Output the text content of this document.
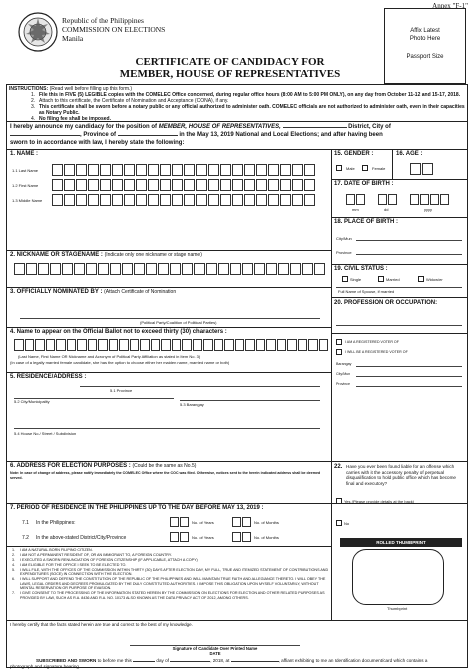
Annex "F-1"
Republic of the Philippines
COMMISSION ON ELECTIONS
Manila
CERTIFICATE OF CANDIDACY FOR
MEMBER, HOUSE OF REPRESENTATIVES
Affix Latest
Photo Here
Passport Size
INSTRUCTIONS: (Read well before filling up this form.)
1. File this in FIVE (5) LEGIBLE copies with the COMELEC Office concerned, during regular office hours (8:00 AM to 5:00 PM ONLY), on any day from October 11-12 and 15-17, 2018.
2. Attach to this certificate, the Certificate of Nomination and Acceptance (CONA), if any.
3. This certificate shall be sworn before a notary public or any official authorized to administer oath. COMELEC officials are not authorized to administer oath, even in their capacities as Notary Public.
4. No filing fee shall be imposed.
I hereby announce my candidacy for the position of MEMBER, HOUSE OF REPRESENTATIVES,	District, City of
, Province of	in the May 13, 2019 National and Local Elections; and after having been
sworn to in accordance with law, I hereby state the following:
1. NAME :
1.1 Last Name
1.2 First Name
1.3 Middle Name
2. NICKNAME OR STAGENAME : (Indicate only one nickname or stage name)
3. OFFICIALLY NOMINATED BY : (Attach Certificate of Nomination
(Political Party/Coalition of Political Parties)
4. Name to appear on the Official Ballot not to exceed thirty (30) characters :
(Last Name, First Name OR Nickname and Acronym of Political Party Affiliation as stated in Item No. 3)
(In case of a legally married female candidate, she has the option to choose either her maiden name, married name or both)
5. RESIDENCE/ADDRESS :
5.1 Province
5.2 City/Municipality
5.3 Barangay
5.4 House No./ Street / Subdivision
6. ADDRESS FOR ELECTION PURPOSES : (Could be the same as No.5)
Note: In case of change of address, please notify immediately the COMELEC Office where the COC was filed. Otherwise, notices sent to the herein indicated address shall be deemed served.
15. GENDER :
Male	Female
16. AGE :
17. DATE OF BIRTH :
mm	dd	yyyy
18. PLACE OF BIRTH :
City/Mun
Province
19. CIVIL STATUS :
Single	Married	Widow/er
Full Name of Spouse, if married
20. PROFESSION OR OCCUPATION:
I AM A REGISTERED VOTER OF
I WILL BE A REGISTERED VOTER OF
Barangay
City/Mun
Province
22. Have you ever been found liable for an offense which carries with it the accessory penalty of perpetual disqualification to hold public office which has become final and executory?
Yes (Please provide details at the back)
No
7. PERIOD OF RESIDENCE IN THE PHILIPPINES UP TO THE DAY BEFORE MAY 13, 2019 :
7.1 In the Philippines:	No. of Years	No. of Months
7.2 In the above-stated District/City/Province	No. of Years	No. of Months
ROLLED THUMBPRINT
Thumbprint
1.	I AM A NATURAL BORN FILIPINO CITIZEN.
2.	I AM NOT A PERMANENT RESIDENT OF, OR AN IMMIGRANT TO, A FOREIGN COUNTRY.
3.	I EXECUTED A SWORN RENUNCIATION OF FOREIGN CITIZENSHIP (IF APPLICABLE, ATTACH A COPY)
4.	I AM ELIGIBLE FOR THE OFFICE I SEEK TO BE ELECTED TO.
5.	I WILL FILE, WITH THE OFFICES OF THE COMMISSION WITHIN THIRTY (30) DAYS AFTER ELECTION DAY, MY FULL, TRUE AND ITEMIZED STATEMENT OF CONTRIBUTIONS AND EXPENDITURES (SOCE) IN CONNECTION WITH THE ELECTION.
6.	I WILL SUPPORT AND DEFEND THE CONSTITUTION OF THE REPUBLIC OF THE PHILIPPINES AND WILL MAINTAIN TRUE FAITH AND ALLEGIANCE THERETO. I WILL OBEY THE LAWS, LEGAL ORDERS AND DECREES PROMULGATED BY THE DULY CONSTITUTED AUTHORITIES. I IMPOSE THIS OBLIGATION UPON MYSELF VOLUNTARILY, WITHOUT MENTAL RESERVATION OR PURPOSE OF EVASION.
7.	I GIVE CONSENT TO THE PROCESSING OF THE INFORMATION STATED HEREIN BY THE COMMISSION ON ELECTIONS FOR ELECTION AND OTHER RELATED PURPOSES AS PROVIDED BY LAW, SUCH AS R.A. 8436 AND R.A. NO. 10173 ALSO KNOWN AS THE DATA PRIVACY ACT OF 2012, AMONG OTHERS.
I hereby certify that the facts stated herein are true and correct to the best of my knowledge.
Signature of Candidate Over Printed Name
DATE
SUBSCRIBED AND SWORN to before me this	day of	, 2018, at	, affiant exhibiting to me an Identification document/card which contains a
photograph and signature bearing
